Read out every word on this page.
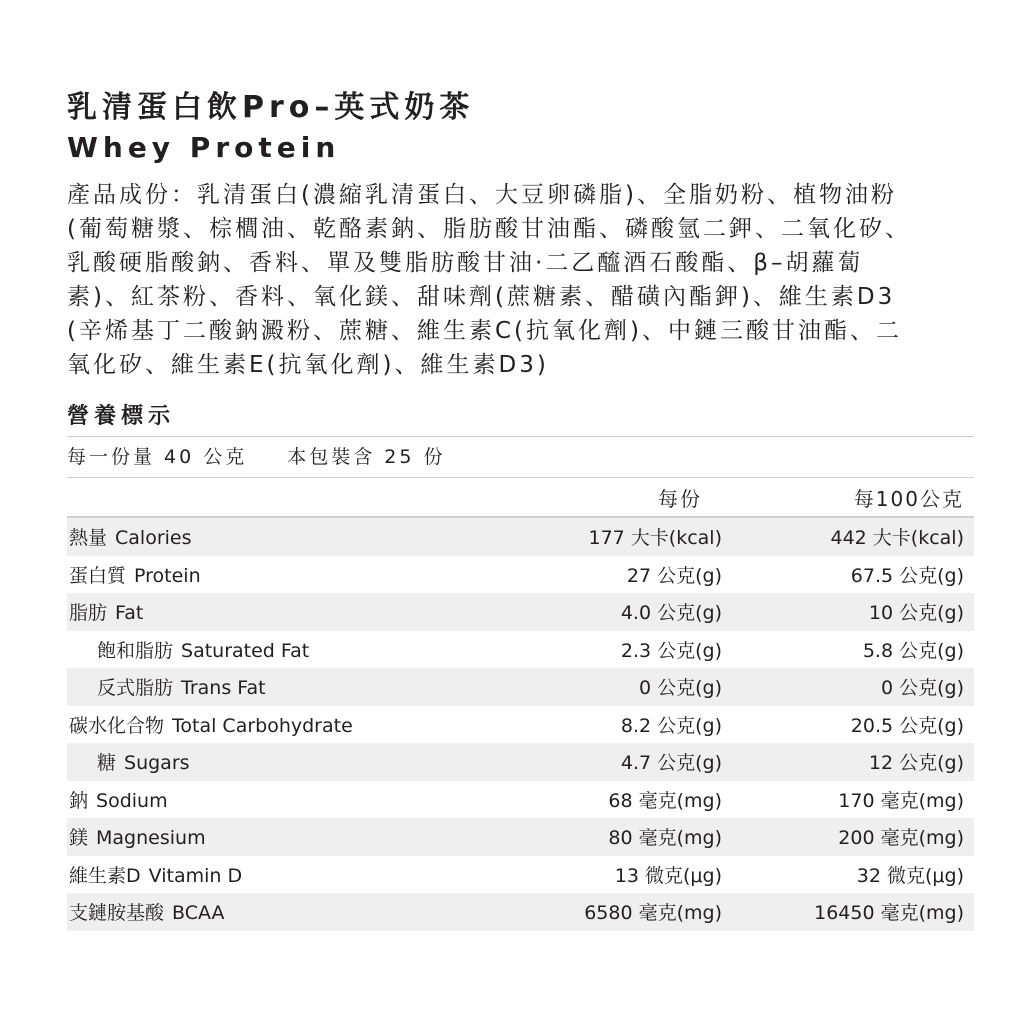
乳清蛋白飲Pro–英式奶茶
Whey Protein
產品成份：乳清蛋白(濃縮乳清蛋白、大豆卵磷脂)、全脂奶粉、植物油粉
(葡萄糖漿、棕櫚油、乾酪素鈉、脂肪酸甘油酯、磷酸氫二鉀、二氧化矽、
乳酸硬脂酸鈉、香料、單及雙脂肪酸甘油·二乙醯酒石酸酯、β–胡蘿蔔
素)、紅茶粉、香料、氧化鎂、甜味劑(蔗糖素、醋磺內酯鉀)、維生素D3
(辛烯基丁二酸鈉澱粉、蔗糖、維生素C(抗氧化劑)、中鏈三酸甘油酯、二
氧化矽、維生素E(抗氧化劑)、維生素D3)
營養標示
每一份量 40 公克 本包裝含 25 份
	每份	每100公克
熱量 Calories	177 大卡(kcal)	442 大卡(kcal)
蛋白質 Protein	27 公克(g)	67.5 公克(g)
脂肪 Fat	4.0 公克(g)	10 公克(g)
飽和脂肪 Saturated Fat	2.3 公克(g)	5.8 公克(g)
反式脂肪 Trans Fat	0 公克(g)	0 公克(g)
碳水化合物 Total Carbohydrate	8.2 公克(g)	20.5 公克(g)
糖 Sugars	4.7 公克(g)	12 公克(g)
鈉 Sodium	68 毫克(mg)	170 毫克(mg)
鎂 Magnesium	80 毫克(mg)	200 毫克(mg)
維生素D Vitamin D	13 微克(μg)	32 微克(μg)
支鏈胺基酸 BCAA	6580 毫克(mg)	16450 毫克(mg)
